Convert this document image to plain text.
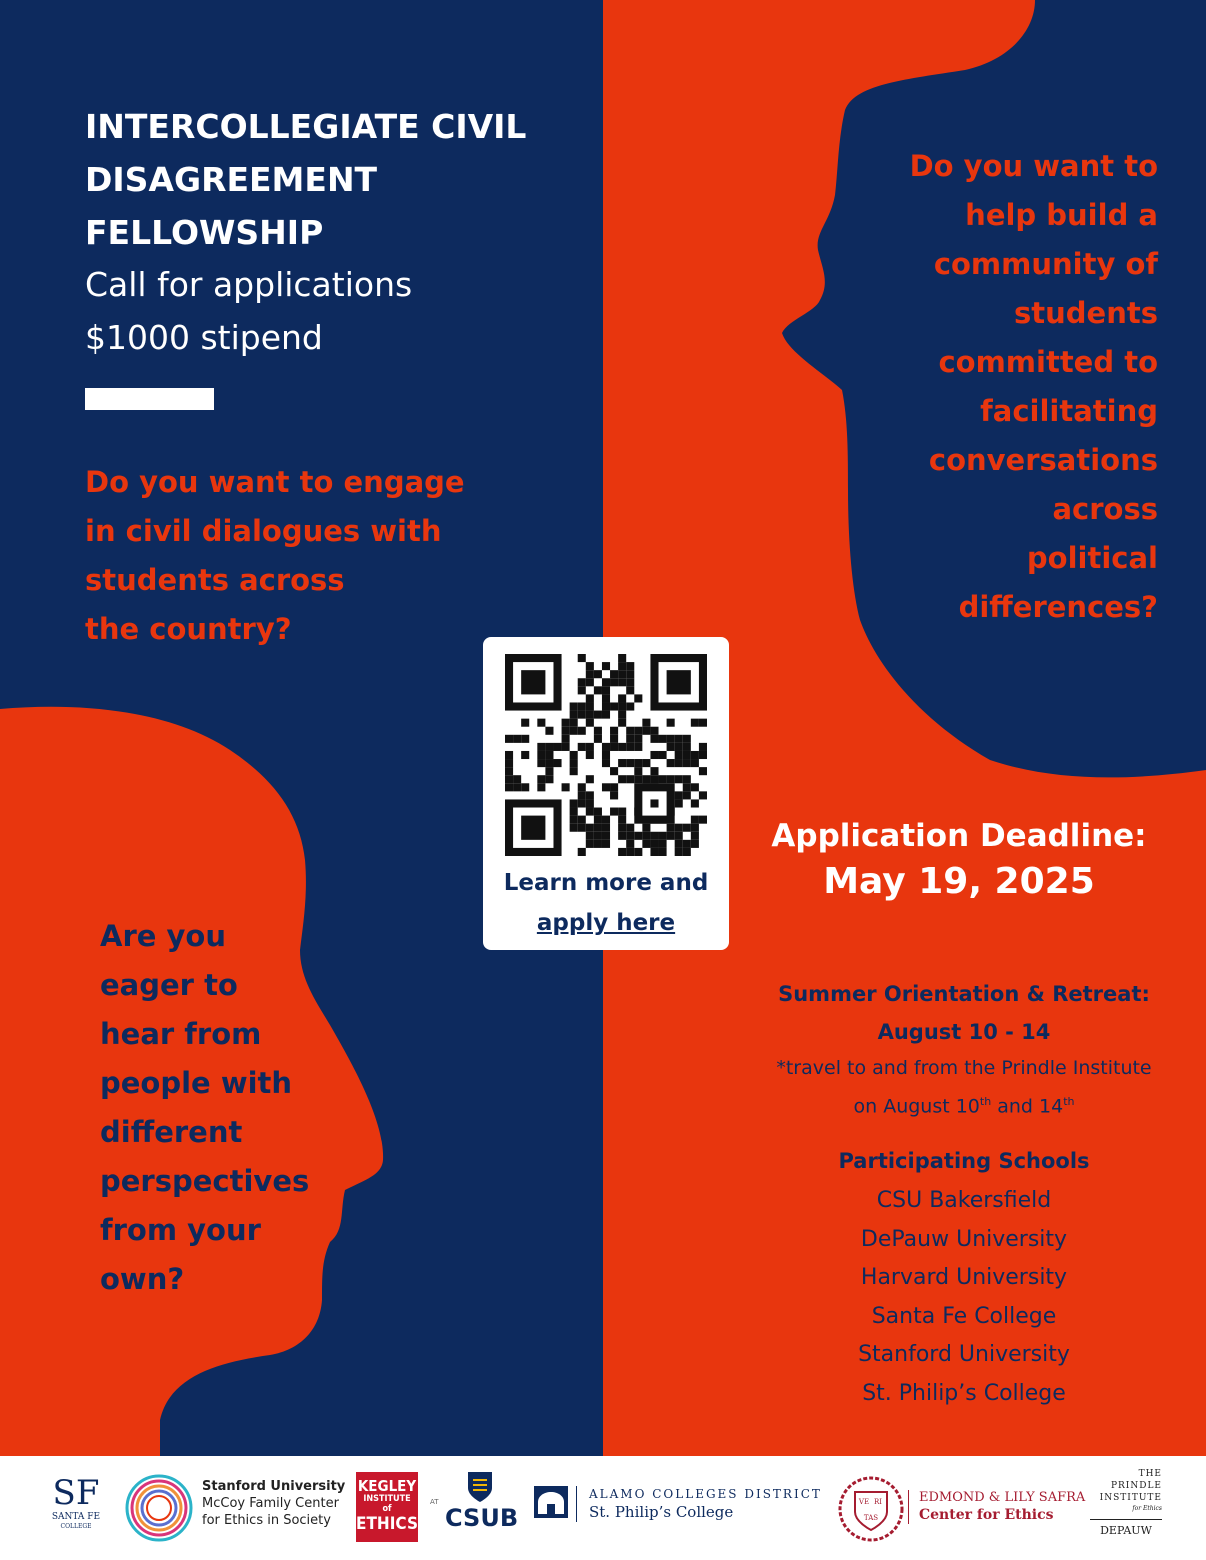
INTERCOLLEGIATE CIVIL
DISAGREEMENT
FELLOWSHIP
Call for applications
$1000 stipend
Do you want to engage
in civil dialogues with
students across
the country?
Do you want to
help build a
community of
students
committed to
facilitating
conversations
across
political
differences?
Are you
eager to
hear from
people with
different
perspectives
from your
own?
Learn more and
apply here
Application Deadline:
May 19, 2025
Summer Orientation & Retreat:
August 10 - 14
*travel to and from the Prindle Institute
on August 10th and 14th
Participating Schools
CSU Bakersfield
DePauw University
Harvard University
Santa Fe College
Stanford University
St. Philip’s College
SF
SANTA FE
COLLEGE
Stanford University
McCoy Family Center
for Ethics in Society
KEGLEY
INSTITUTE
of
ETHICS
AT
CSUB
ALAMO COLLEGES DISTRICT
St. Philip’s College
VE RI
TAS
EDMOND & LILY SAFRA
Center for Ethics
THE
PRINDLE
INSTITUTE
for Ethics
DEPAUW
